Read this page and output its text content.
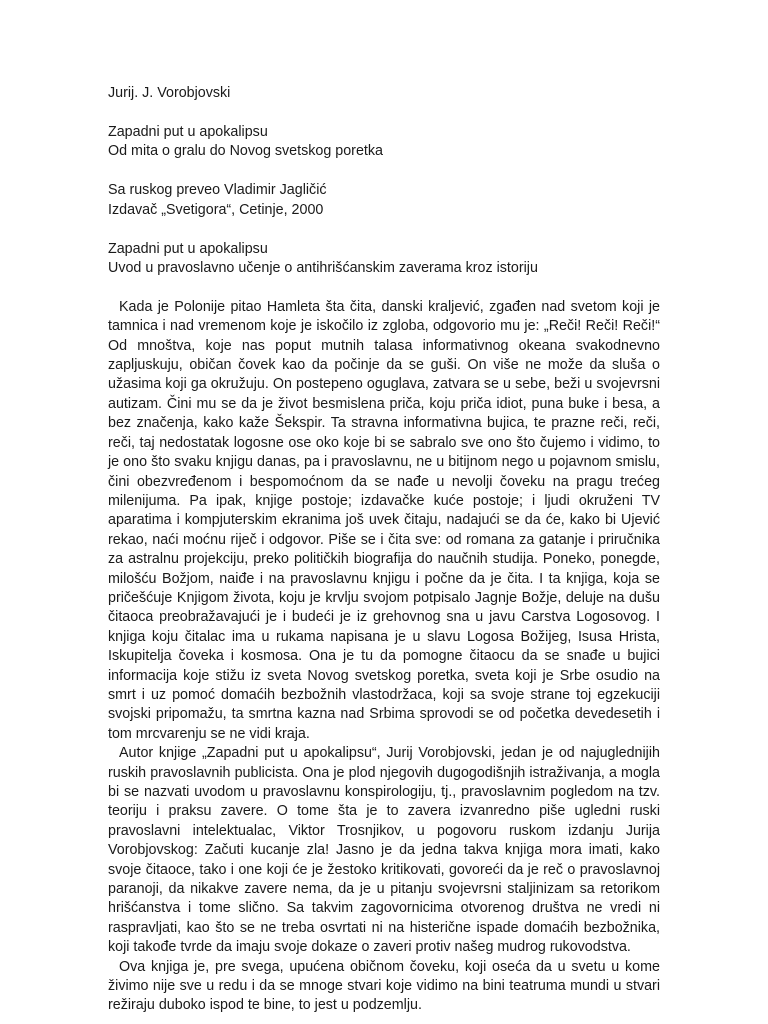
Jurij. J. Vorobjovski
Zapadni put u apokalipsu
Od mita o gralu do Novog svetskog poretka
Sa ruskog preveo Vladimir Jagličić
Izdavač „Svetigora“, Cetinje, 2000
Zapadni put u apokalipsu
Uvod u pravoslavno učenje o antihrišćanskim zaverama kroz istoriju

Kada je Polonije pitao Hamleta šta čita, danski kraljević, zgađen nad svetom koji je tamnica i nad vremenom koje je iskočilo iz zgloba, odgovorio mu je: „Reči! Reči! Reči!“ Od mnoštva, koje nas poput mutnih talasa informativnog okeana svakodnevno zapljuskuju, običan čovek kao da počinje da se guši. On više ne može da sluša o užasima koji ga okružuju. On postepeno oguglava, zatvara se u sebe, beži u svojevrsni autizam. Čini mu se da je život besmislena priča, koju priča idiot, puna buke i besa, a bez značenja, kako kaže Šekspir. Ta stravna informativna bujica, te prazne reči, reči, reči, taj nedostatak logosne ose oko koje bi se sabralo sve ono što čujemo i vidimo, to je ono što svaku knjigu danas, pa i pravoslavnu, ne u bitijnom nego u pojavnom smislu, čini obezvređenom i bespomoćnom da se nađe u nevolji čoveku na pragu trećeg milenijuma. Pa ipak, knjige postoje; izdavačke kuće postoje; i ljudi okruženi TV aparatima i kompjuterskim ekranima još uvek čitaju, nadajući se da će, kako bi Ujević rekao, naći moćnu riječ i odgovor. Piše se i čita sve: od romana za gatanje i priručnika za astralnu projekciju, preko političkih biografija do naučnih studija. Poneko, ponegde, milošću Božjom, naiđe i na pravoslavnu knjigu i počne da je čita. I ta knjiga, koja se pričešćuje Knjigom života, koju je krvlju svojom potpisalo Jagnje Božje, deluje na dušu čitaoca preobražavajući je i budeći je iz grehovnog sna u javu Carstva Logosovog. I knjiga koju čitalac ima u rukama napisana je u slavu Logosa Božijeg, Isusa Hrista, Iskupitelja čoveka i kosmosa. Ona je tu da pomogne čitaocu da se snađe u bujici informacija koje stižu iz sveta Novog svetskog poretka, sveta koji je Srbe osudio na smrt i uz pomoć domaćih bezbožnih vlastodržaca, koji sa svoje strane toj egzekuciji svojski pripomažu, ta smrtna kazna nad Srbima sprovodi se od početka devedesetih i tom mrcvarenju se ne vidi kraja.

Autor knjige „Zapadni put u apokalipsu“, Jurij Vorobjovski, jedan je od najuglednijih ruskih pravoslavnih publicista. Ona je plod njegovih dugogodišnjih istraživanja, a mogla bi se nazvati uvodom u pravoslavnu konspirologiju, tj., pravoslavnim pogledom na tzv. teoriju i praksu zavere. O tome šta je to zavera izvanredno piše ugledni ruski pravoslavni intelektualac, Viktor Trosnjikov, u pogovoru ruskom izdanju Jurija Vorobjovskog: Začuti kucanje zla! Jasno je da jedna takva knjiga mora imati, kako svoje čitaoce, tako i one koji će je žestoko kritikovati, govoreći da je reč o pravoslavnoj paranoji, da nikakve zavere nema, da je u pitanju svojevrsni staljinizam sa retorikom hrišćanstva i tome slično. Sa takvim zagovornicima otvorenog društva ne vredi ni raspravljati, kao što se ne treba osvrtati ni na histerične ispade domaćih bezbožnika, koji takođe tvrde da imaju svoje dokaze o zaveri protiv našeg mudrog rukovodstva.

Ova knjiga je, pre svega, upućena običnom čoveku, koji oseća da u svetu u kome živimo nije sve u redu i da se mnoge stvari koje vidimo na bini teatruma mundi u stvari režiraju duboko ispod te bine, to jest u podzemlju.
